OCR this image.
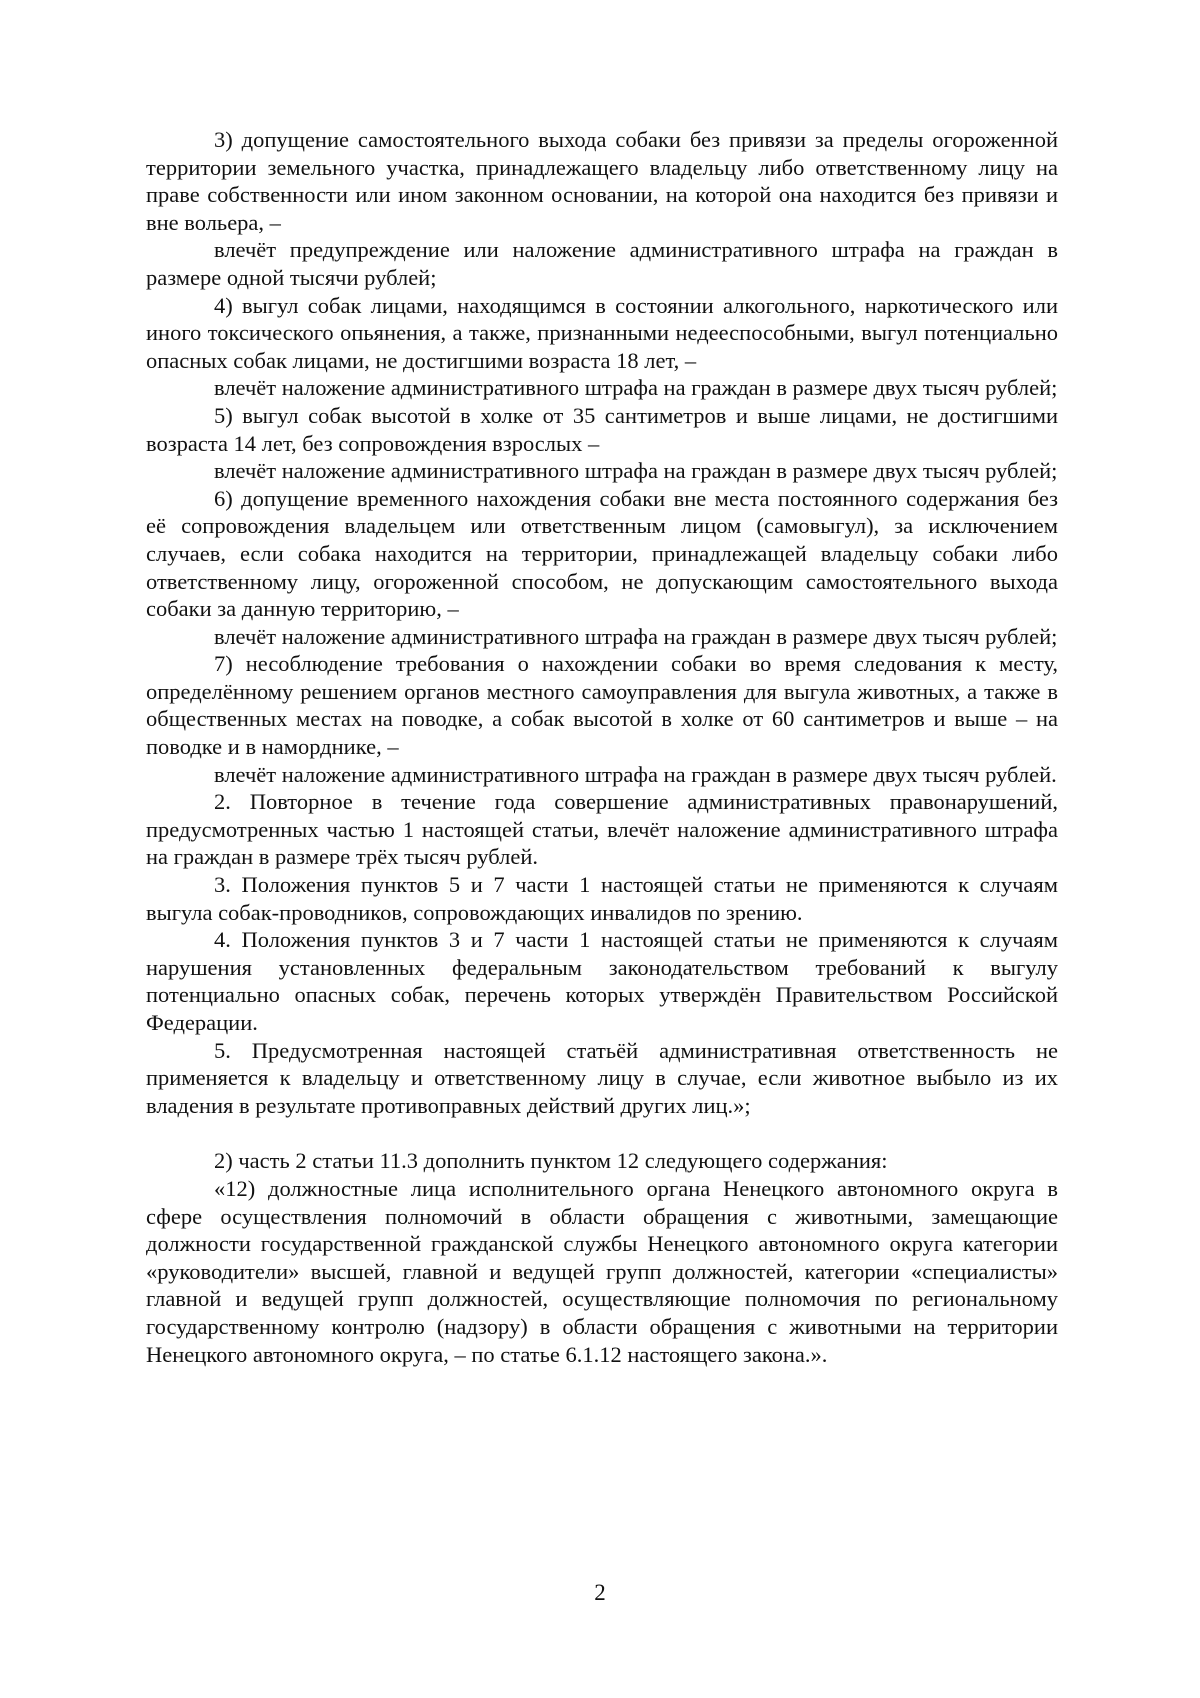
3) допущение самостоятельного выхода собаки без привязи за пределы огороженной территории земельного участка, принадлежащего владельцу либо ответственному лицу на праве собственности или ином законном основании, на которой она находится без привязи и вне вольера, –

влечёт предупреждение или наложение административного штрафа на граждан в размере одной тысячи рублей;

4) выгул собак лицами, находящимся в состоянии алкогольного, наркотического или иного токсического опьянения, а также, признанными недееспособными, выгул потенциально опасных собак лицами, не достигшими возраста 18 лет, –

влечёт наложение административного штрафа на граждан в размере двух тысяч рублей;

5) выгул собак высотой в холке от 35 сантиметров и выше лицами, не достигшими возраста 14 лет, без сопровождения взрослых –

влечёт наложение административного штрафа на граждан в размере двух тысяч рублей;

6) допущение временного нахождения собаки вне места постоянного содержания без её сопровождения владельцем или ответственным лицом (самовыгул), за исключением случаев, если собака находится на территории, принадлежащей владельцу собаки либо ответственному лицу, огороженной способом, не допускающим самостоятельного выхода собаки за данную территорию, –

влечёт наложение административного штрафа на граждан в размере двух тысяч рублей;

7) несоблюдение требования о нахождении собаки во время следования к месту, определённому решением органов местного самоуправления для выгула животных, а также в общественных местах на поводке, а собак высотой в холке от 60 сантиметров и выше – на поводке и в наморднике, –

влечёт наложение административного штрафа на граждан в размере двух тысяч рублей.

2. Повторное в течение года совершение административных правонарушений, предусмотренных частью 1 настоящей статьи, влечёт наложение административного штрафа на граждан в размере трёх тысяч рублей.

3. Положения пунктов 5 и 7 части 1 настоящей статьи не применяются к случаям выгула собак-проводников, сопровождающих инвалидов по зрению.

4. Положения пунктов 3 и 7 части 1 настоящей статьи не применяются к случаям нарушения установленных федеральным законодательством требований к выгулу потенциально опасных собак, перечень которых утверждён Правительством Российской Федерации.

5. Предусмотренная настоящей статьёй административная ответственность не применяется к владельцу и ответственному лицу в случае, если животное выбыло из их владения в результате противоправных действий других лиц.»;

2) часть 2 статьи 11.3 дополнить пунктом 12 следующего содержания:

«12) должностные лица исполнительного органа Ненецкого автономного округа в сфере осуществления полномочий в области обращения с животными, замещающие должности государственной гражданской службы Ненецкого автономного округа категории «руководители» высшей, главной и ведущей групп должностей, категории «специалисты» главной и ведущей групп должностей, осуществляющие полномочия по региональному государственному контролю (надзору) в области обращения с животными на территории Ненецкого автономного округа, – по статье 6.1.12 настоящего закона.».

2
